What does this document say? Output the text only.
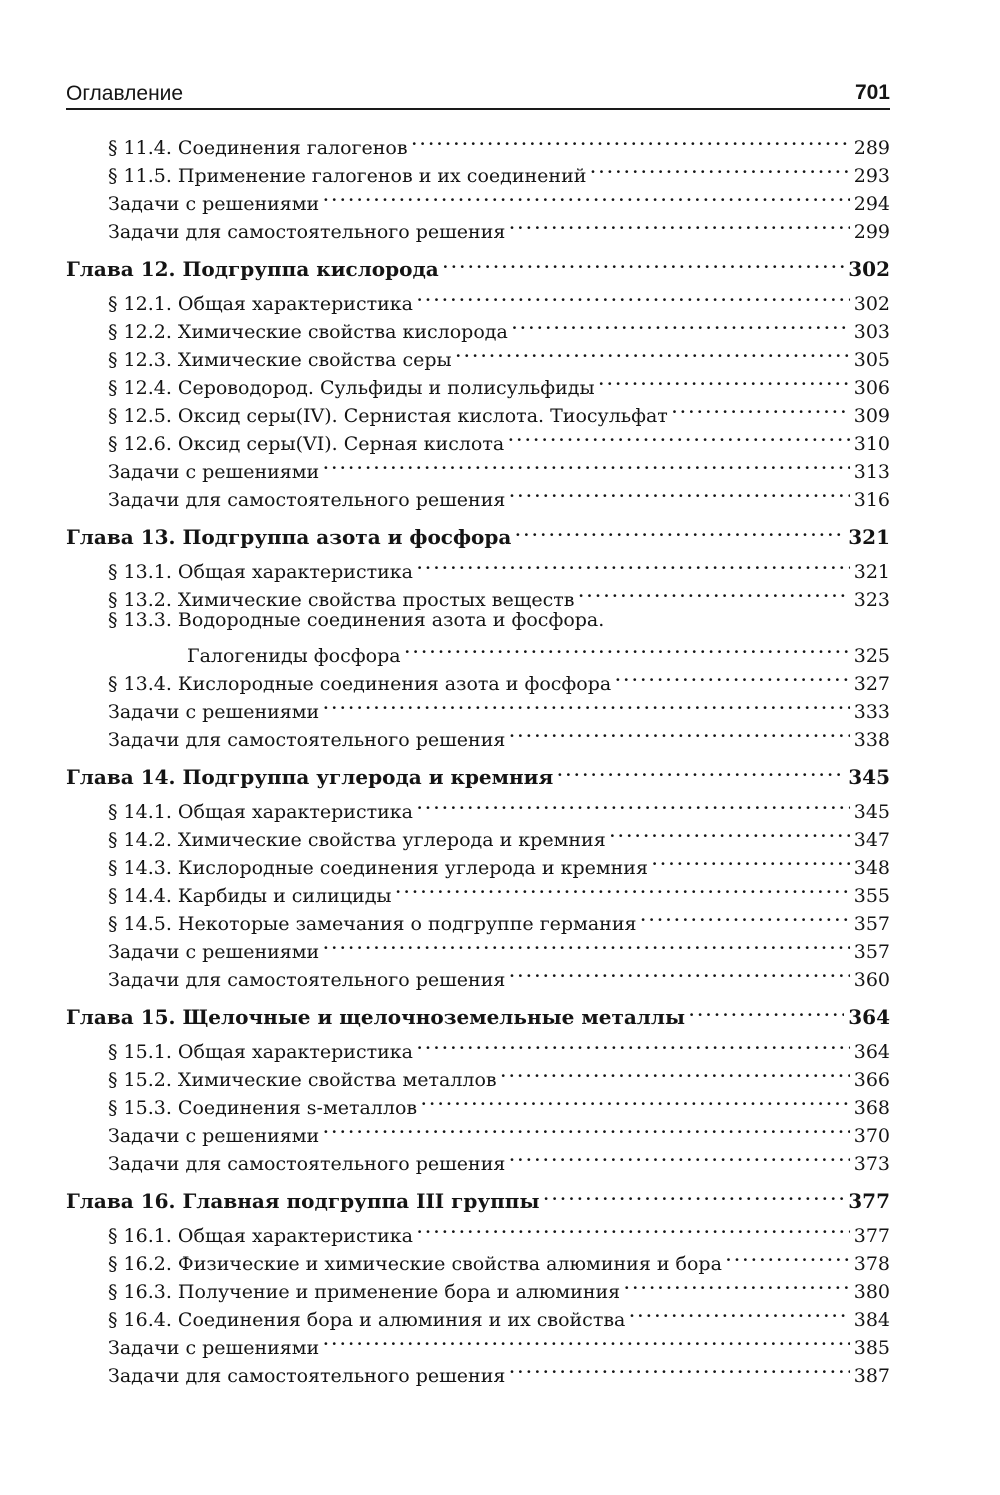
Оглавление	701
§ 11.4. Соединения галогенов . . .	289
§ 11.5. Применение галогенов и их соединений . . .	293
Задачи с решениями . . .	294
Задачи для самостоятельного решения . . .	299
Глава 12. Подгруппа кислорода . . .	302
§ 12.1. Общая характеристика . . .	302
§ 12.2. Химические свойства кислорода . . .	303
§ 12.3. Химические свойства серы . . .	305
§ 12.4. Сероводород. Сульфиды и полисульфиды . . .	306
§ 12.5. Оксид серы(IV). Сернистая кислота. Тиосульфат . . .	309
§ 12.6. Оксид серы(VI). Серная кислота . . .	310
Задачи с решениями . . .	313
Задачи для самостоятельного решения . . .	316
Глава 13. Подгруппа азота и фосфора . . .	321
§ 13.1. Общая характеристика . . .	321
§ 13.2. Химические свойства простых веществ . . .	323
§ 13.3. Водородные соединения азота и фосфора.
Галогениды фосфора . . .	325
§ 13.4. Кислородные соединения азота и фосфора . . .	327
Задачи с решениями . . .	333
Задачи для самостоятельного решения . . .	338
Глава 14. Подгруппа углерода и кремния . . .	345
§ 14.1. Общая характеристика . . .	345
§ 14.2. Химические свойства углерода и кремния . . .	347
§ 14.3. Кислородные соединения углерода и кремния . . .	348
§ 14.4. Карбиды и силициды . . .	355
§ 14.5. Некоторые замечания о подгруппе германия . . .	357
Задачи с решениями . . .	357
Задачи для самостоятельного решения . . .	360
Глава 15. Щелочные и щелочноземельные металлы . . .	364
§ 15.1. Общая характеристика . . .	364
§ 15.2. Химические свойства металлов . . .	366
§ 15.3. Соединения s-металлов . . .	368
Задачи с решениями . . .	370
Задачи для самостоятельного решения . . .	373
Глава 16. Главная подгруппа III группы . . .	377
§ 16.1. Общая характеристика . . .	377
§ 16.2. Физические и химические свойства алюминия и бора . . .	378
§ 16.3. Получение и применение бора и алюминия . . .	380
§ 16.4. Соединения бора и алюминия и их свойства . . .	384
Задачи с решениями . . .	385
Задачи для самостоятельного решения . . .	387
